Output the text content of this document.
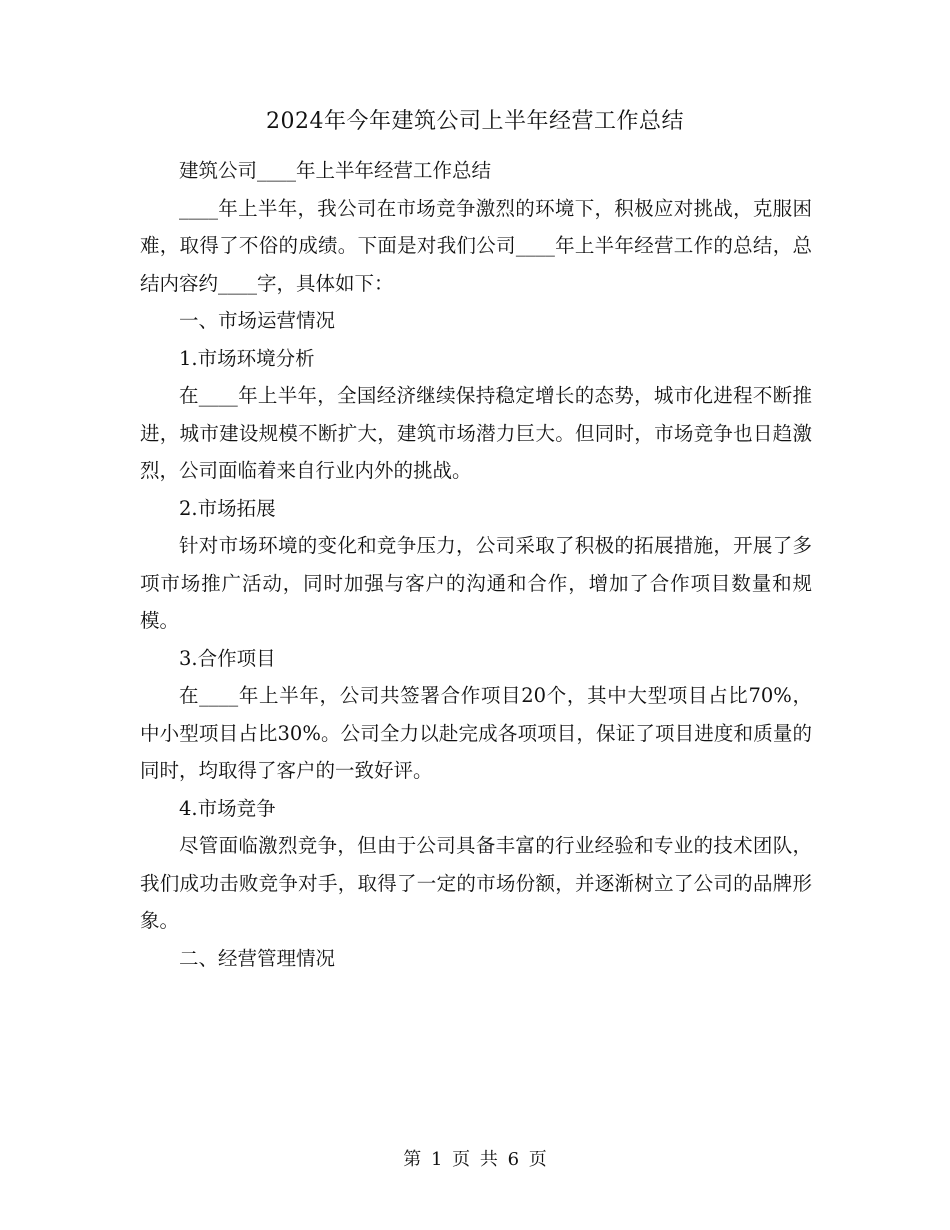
2024年今年建筑公司上半年经营工作总结

建筑公司____年上半年经营工作总结

____年上半年，我公司在市场竞争激烈的环境下，积极应对挑战，克服困难，取得了不俗的成绩。下面是对我们公司____年上半年经营工作的总结，总结内容约____字，具体如下：

一、市场运营情况

1.市场环境分析

在____年上半年，全国经济继续保持稳定增长的态势，城市化进程不断推进，城市建设规模不断扩大，建筑市场潜力巨大。但同时，市场竞争也日趋激烈，公司面临着来自行业内外的挑战。

2.市场拓展

针对市场环境的变化和竞争压力，公司采取了积极的拓展措施，开展了多项市场推广活动，同时加强与客户的沟通和合作，增加了合作项目数量和规模。

3.合作项目

在____年上半年，公司共签署合作项目20个，其中大型项目占比70%，中小型项目占比30%。公司全力以赴完成各项项目，保证了项目进度和质量的同时，均取得了客户的一致好评。

4.市场竞争

尽管面临激烈竞争，但由于公司具备丰富的行业经验和专业的技术团队，我们成功击败竞争对手，取得了一定的市场份额，并逐渐树立了公司的品牌形象。

二、经营管理情况

第 1 页 共 6 页
